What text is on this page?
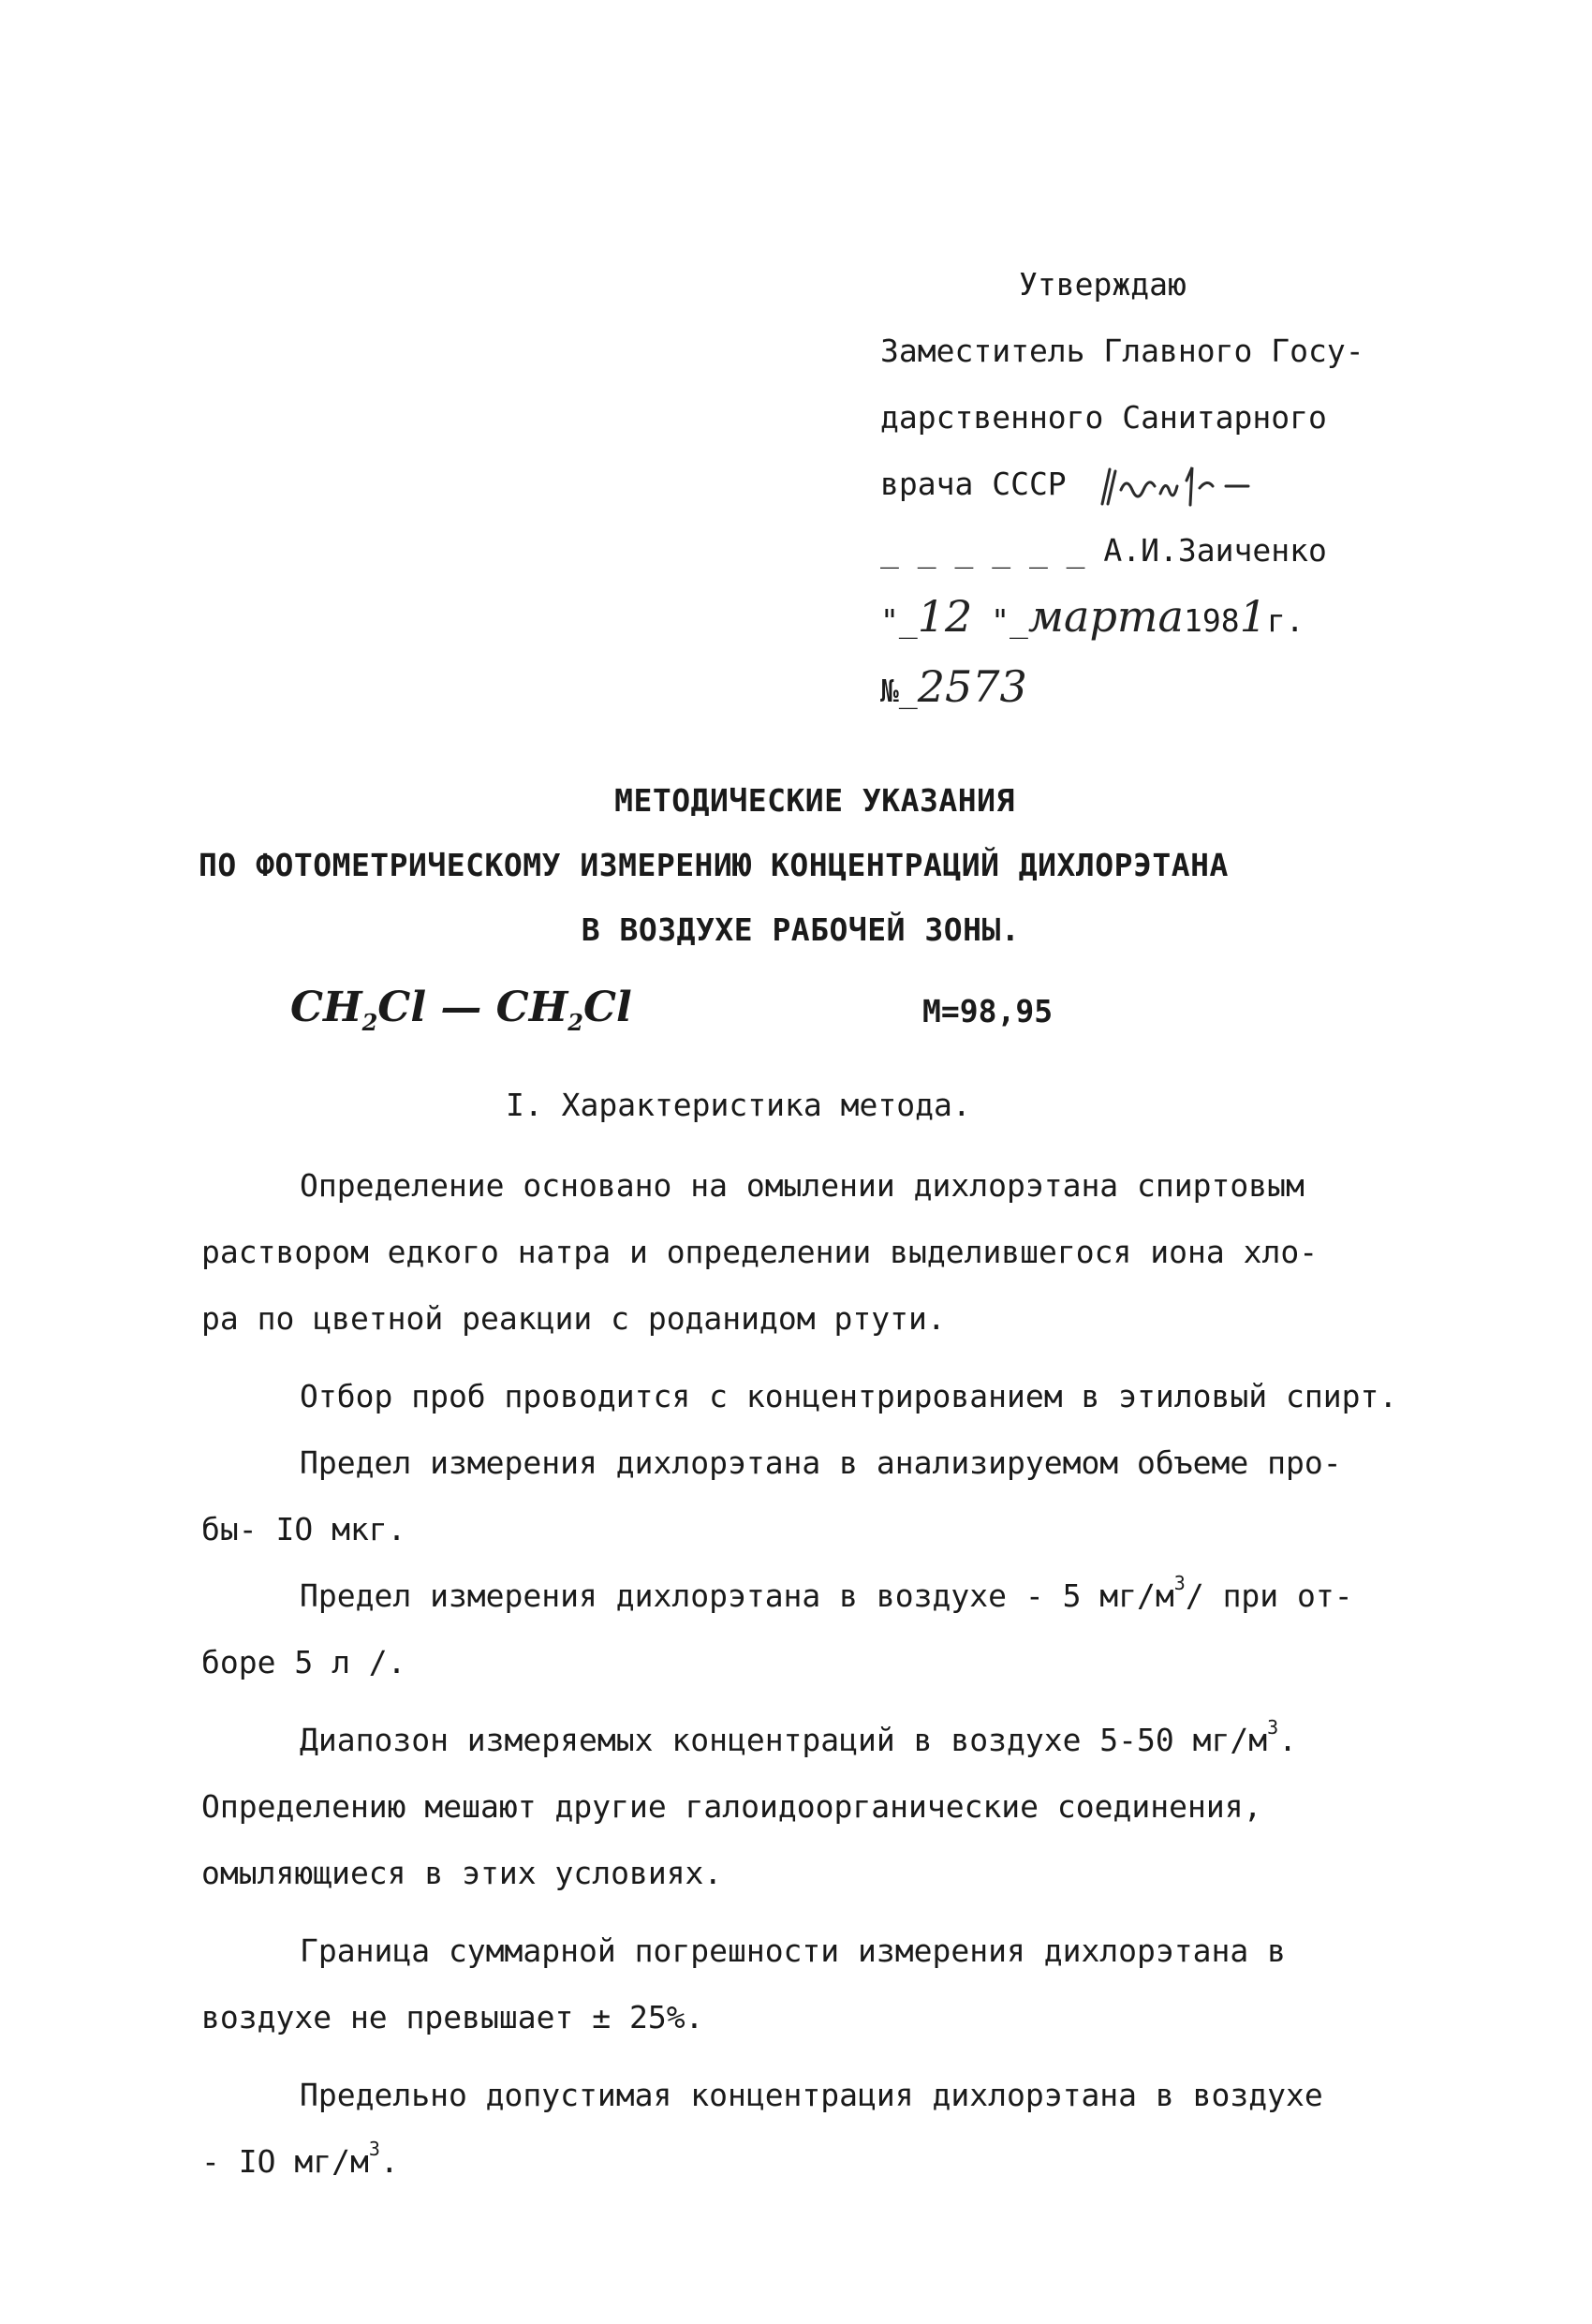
Утверждаю
Заместитель Главного Госу-
дарственного Санитарного
врача СССР
_ _ _ _ _ _ А.И.Заиченко
"_12 "_марта1981г.
№_2573
МЕТОДИЧЕСКИЕ УКАЗАНИЯ
ПО ФОТОМЕТРИЧЕСКОМУ ИЗМЕРЕНИЮ КОНЦЕНТРАЦИЙ ДИХЛОРЭТАНА
В ВОЗДУХЕ РАБОЧЕЙ ЗОНЫ.
$CH_2Cl$ — $CH_2Cl$	М=98,95
I. Характеристика метода.

Определение основано на омылении дихлорэтана спиртовым

раствором едкого натра и определении выделившегося иона хло-

ра по цветной реакции с роданидом ртути.

Отбор проб проводится с концентрированием в этиловый спирт.

Предел измерения дихлорэтана в анализируемом объеме про-

бы- IO мкг.

Предел измерения дихлорэтана в воздухе - 5 $мг/м^3/$ при от-

боре 5 л /.

Диапозон измеряемых концентраций в воздухе 5-50 $мг/м^3$.

Определению мешают другие галоидоорганические соединения,

омыляющиеся в этих условиях.

Граница суммарной погрешности измерения дихлорэтана в

воздухе не превышает ± 25%.

Предельно допустимая концентрация дихлорэтана в воздухе

- IO $мг/м^3$.
